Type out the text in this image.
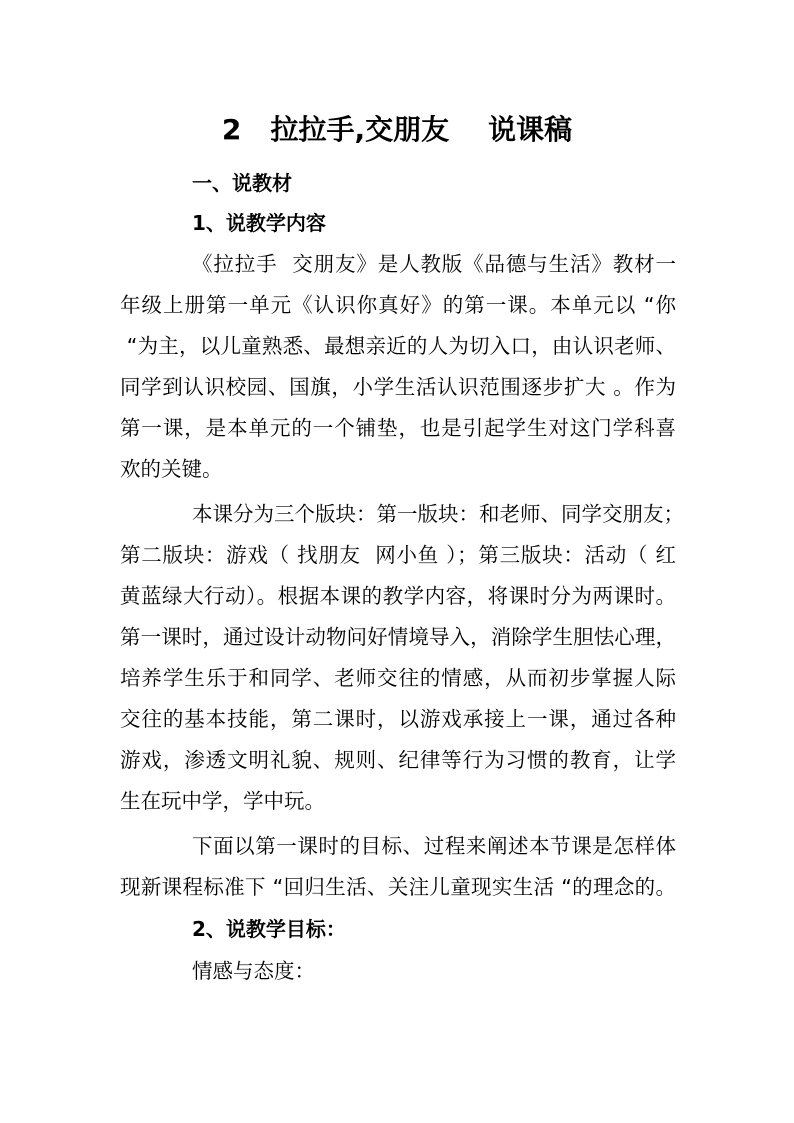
2   拉拉手,交朋友    说课稿
一、说教材
1、说教学内容
《拉拉手  交朋友》是人教版《品德与生活》教材一
年级上册第一单元《认识你真好》的第一课。本单元以 “你
“为主，以儿童熟悉、最想亲近的人为切入口，由认识老师、
同学到认识校园、国旗，小学生活认识范围逐步扩大 。作为
第一课，是本单元的一个铺垫，也是引起学生对这门学科喜
欢的关键。
本课分为三个版块：第一版块：和老师、同学交朋友；
第二版块：游戏（ 找朋友  网小鱼 ）；第三版块：活动（ 红
黄蓝绿大行动）。根据本课的教学内容，将课时分为两课时。
第一课时，通过设计动物问好情境导入，消除学生胆怯心理，
培养学生乐于和同学、老师交往的情感，从而初步掌握人际
交往的基本技能，第二课时，以游戏承接上一课，通过各种
游戏，渗透文明礼貌、规则、纪律等行为习惯的教育，让学
生在玩中学，学中玩。
下面以第一课时的目标、过程来阐述本节课是怎样体
现新课程标准下 “回归生活、关注儿童现实生活 “的理念的。
2、说教学目标：
情感与态度：
